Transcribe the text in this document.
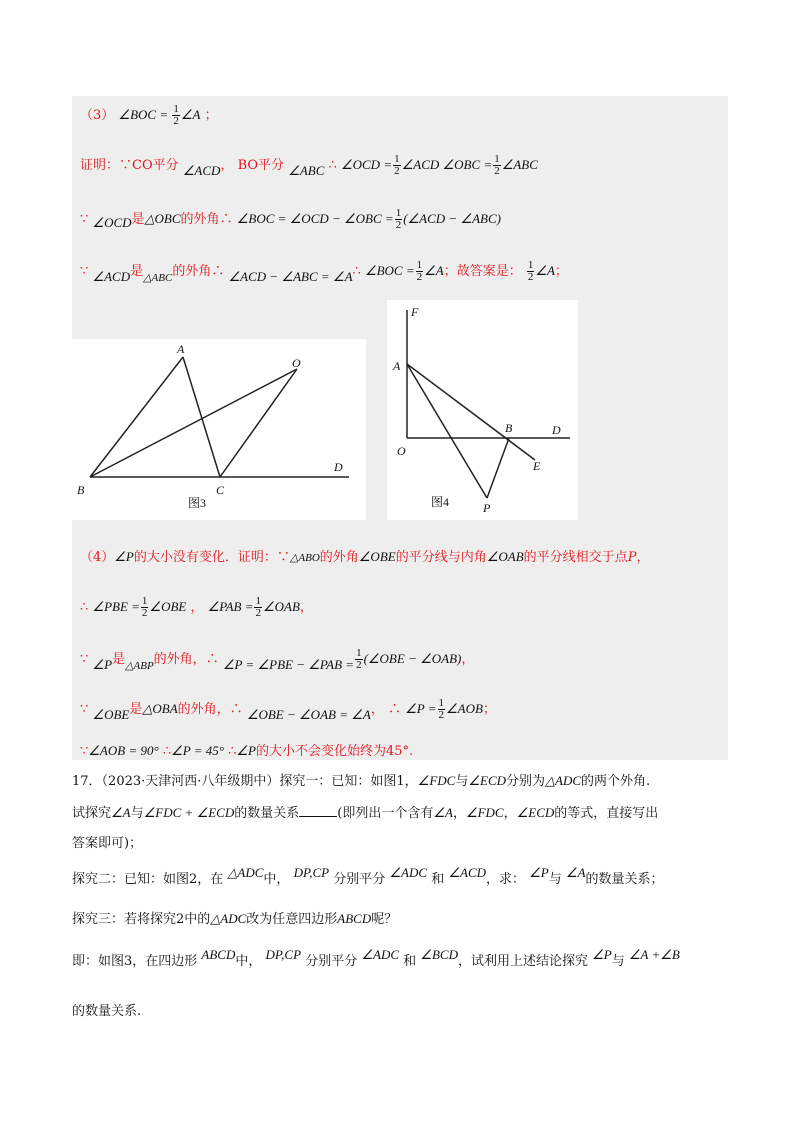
（3） ∠BOC = $\frac{1}{2}$ ∠A ；
证明：∵CO平分 ∠ACD， BO平分 ∠ABC ∴ ∠OCD = $\frac{1}{2}$ ∠ACD ∠OBC = $\frac{1}{2}$ ∠ABC
∵ ∠OCD是△OBC的外角∴ ∠BOC = ∠OCD − ∠OBC = $\frac{1}{2}$ (∠ACD − ∠ABC)
∵ ∠ACD是$_{\triangle ABC}$的外角∴ ∠ACD − ∠ABC = ∠A∴ ∠BOC = $\frac{1}{2}$ ∠A；故答案是： $\frac{1}{2}$ ∠A；
A
O
B	C
D
图3
F
A
O
B	D
E
P
图4
（4）∠P的大小没有变化．证明：∵△ABO的外角∠OBE的平分线与内角∠OAB的平分线相交于点P，
∴ ∠PBE = $\frac{1}{2}$ ∠OBE ， ∠PAB = $\frac{1}{2}$ ∠OAB，
∵ ∠P是$_{\triangle ABP}$的外角，∴ ∠P = ∠PBE − ∠PAB = $\frac{1}{2}$ (∠OBE − ∠OAB)，
∵ ∠OBE是△OBA的外角，∴ ∠OBE − ∠OAB = ∠A， ∴ ∠P = $\frac{1}{2}$ ∠AOB；
∵∠AOB = 90° ∴∠P = 45° ∴∠P的大小不会变化始终为45°.
17．（2023·天津河西·八年级期中）探究一：已知：如图1，∠FDC与∠ECD分别为△ADC的两个外角.
试探究∠A与∠FDC + ∠ECD的数量关系	(即列出一个含有∠A，∠FDC，∠ECD的等式，直接写出
答案即可)；
探究二：已知：如图2，在 △ADC中， DP,CP 分别平分 ∠ADC 和 ∠ACD，求： ∠P与 ∠A的数量关系；
探究三：若将探究2中的△ADC改为任意四边形ABCD呢？
即：如图3，在四边形 ABCD中， DP,CP 分别平分 ∠ADC 和 ∠BCD，试利用上述结论探究 ∠P与 ∠A +∠B
的数量关系.
